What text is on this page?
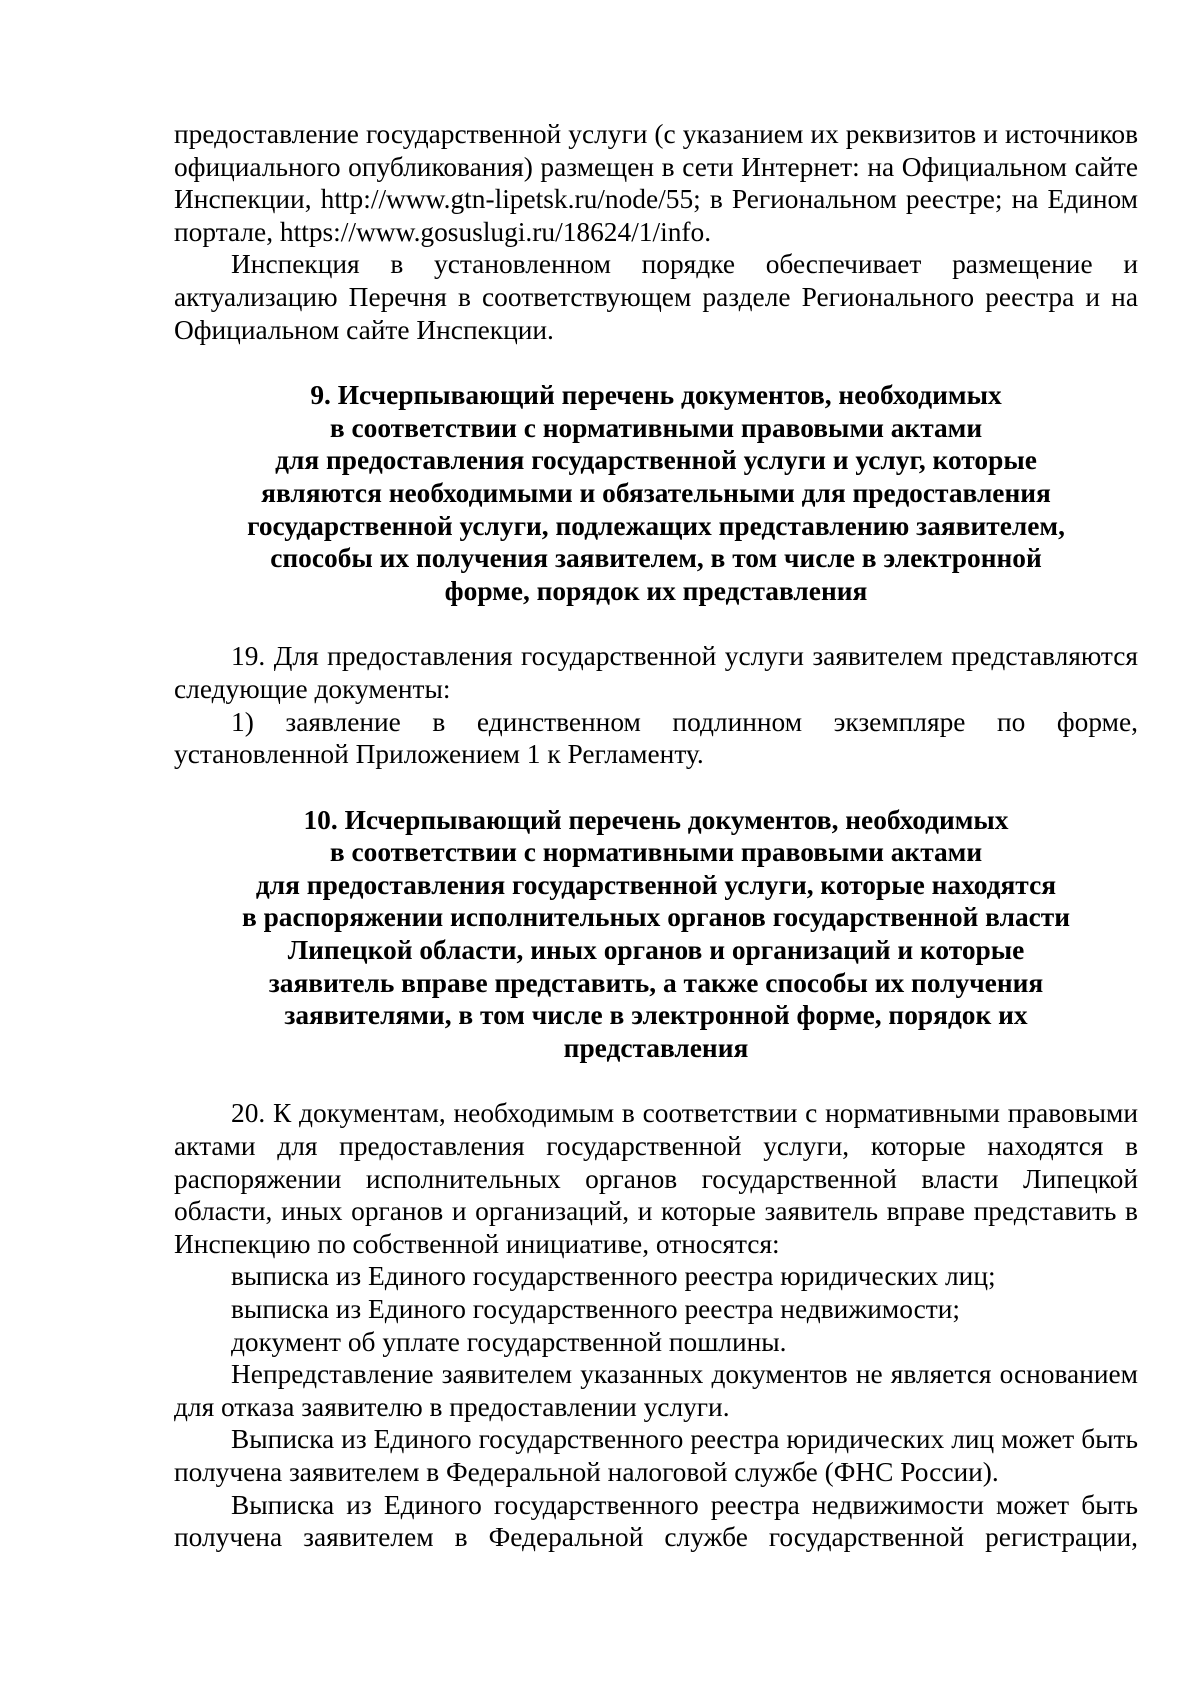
предоставление государственной услуги (с указанием их реквизитов и источников официального опубликования) размещен в сети Интернет: на Официальном сайте Инспекции, http://www.gtn-lipetsk.ru/node/55; в Региональном реестре; на Едином портале, https://www.gosuslugi.ru/18624/1/info.

Инспекция в установленном порядке обеспечивает размещение и актуализацию Перечня в соответствующем разделе Регионального реестра и на Официальном сайте Инспекции.

9. Исчерпывающий перечень документов, необходимых
в соответствии с нормативными правовыми актами
для предоставления государственной услуги и услуг, которые
являются необходимыми и обязательными для предоставления
государственной услуги, подлежащих представлению заявителем,
способы их получения заявителем, в том числе в электронной
форме, порядок их представления

19. Для предоставления государственной услуги заявителем представляются следующие документы:

1) заявление в единственном подлинном экземпляре по форме, установленной Приложением 1 к Регламенту.

10. Исчерпывающий перечень документов, необходимых
в соответствии с нормативными правовыми актами
для предоставления государственной услуги, которые находятся
в распоряжении исполнительных органов государственной власти
Липецкой области, иных органов и организаций и которые
заявитель вправе представить, а также способы их получения
заявителями, в том числе в электронной форме, порядок их
представления

20. К документам, необходимым в соответствии с нормативными правовыми актами для предоставления государственной услуги, которые находятся в распоряжении исполнительных органов государственной власти Липецкой области, иных органов и организаций, и которые заявитель вправе представить в Инспекцию по собственной инициативе, относятся:

выписка из Единого государственного реестра юридических лиц;

выписка из Единого государственного реестра недвижимости;

документ об уплате государственной пошлины.

Непредставление заявителем указанных документов не является основанием для отказа заявителю в предоставлении услуги.

Выписка из Единого государственного реестра юридических лиц может быть получена заявителем в Федеральной налоговой службе (ФНС России).

Выписка из Единого государственного реестра недвижимости может быть получена заявителем в Федеральной службе государственной регистрации,
